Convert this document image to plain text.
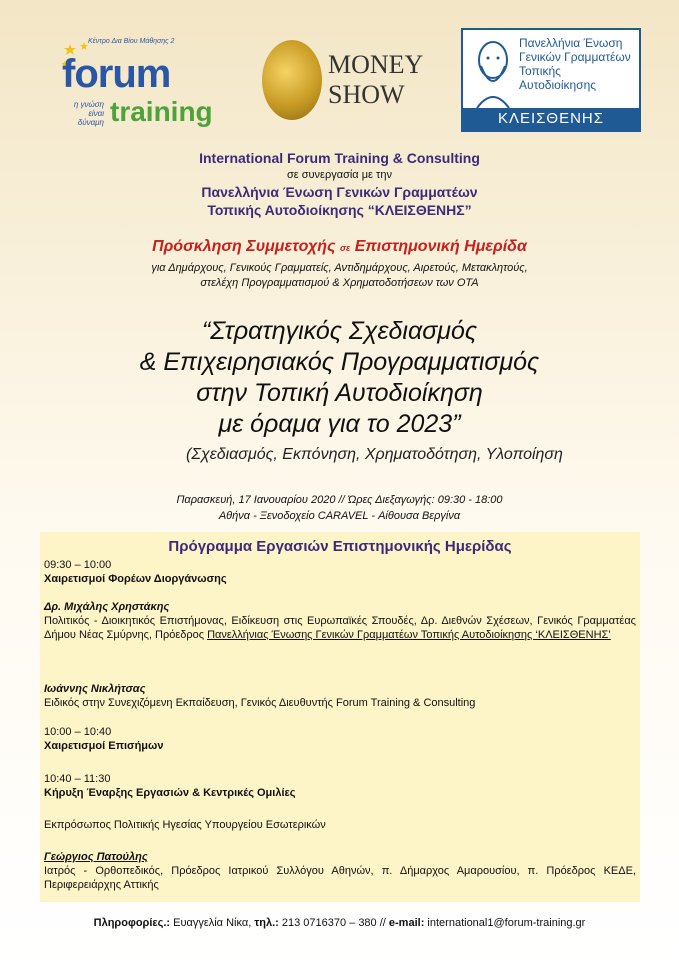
Κέντρο Δια Βίου Μάθησης 2
forum
η γνώση
είναι δύναμη training
MONEY
SHOW
Πανελλήνια Ένωση
Γενικών Γραμματέων
Τοπικής Αυτοδιοίκησης
ΚΛΕΙΣΘΕΝΗΣ
International Forum Training & Consulting
σε συνεργασία με την
Πανελλήνια Ένωση Γενικών Γραμματέων
Τοπικής Αυτοδιοίκησης “ΚΛΕΙΣΘΕΝΗΣ”
Πρόσκληση Συμμετοχής σε Επιστημονική Ημερίδα
για Δημάρχους, Γενικούς Γραμματείς, Αντιδημάρχους, Αιρετούς, Μετακλητούς,
στελέχη Προγραμματισμού & Χρηματοδοτήσεων των ΟΤΑ
“Στρατηγικός Σχεδιασμός
& Επιχειρησιακός Προγραμματισμός
στην Τοπική Αυτοδιοίκηση
με όραμα για το 2023”
(Σχεδιασμός, Εκπόνηση, Χρηματοδότηση, Υλοποίηση
Παρασκευή, 17 Ιανουαρίου 2020 // Ώρες Διεξαγωγής: 09:30 - 18:00
Αθήνα - Ξενοδοχείο CARAVEL - Αίθουσα Βεργίνα
Πρόγραμμα Εργασιών Επιστημονικής Ημερίδας
09:30 – 10:00
Χαιρετισμοί Φορέων Διοργάνωσης
Δρ. Μιχάλης Χρηστάκης
Πολιτικός - Διοικητικός Επιστήμονας, Ειδίκευση στις Ευρωπαϊκές Σπουδές, Δρ. Διεθνών Σχέσεων, Γενικός Γραμματέας Δήμου Νέας Σμύρνης, Πρόεδρος Πανελλήνιας Ένωσης Γενικών Γραμματέων Τοπικής Αυτοδιοίκησης ‘ΚΛΕΙΣΘΕΝΗΣ’
Ιωάννης Νικλήτσας
Ειδικός στην Συνεχιζόμενη Εκπαίδευση, Γενικός Διευθυντής Forum Training & Consulting
10:00 – 10:40
Χαιρετισμοί Επισήμων
10:40 – 11:30
Κήρυξη Έναρξης Εργασιών & Κεντρικές Ομιλίες
Εκπρόσωπος Πολιτικής Ηγεσίας Υπουργείου Εσωτερικών
Γεώργιος Πατούλης
Ιατρός - Ορθοπεδικός, Πρόεδρος Ιατρικού Συλλόγου Αθηνών, π. Δήμαρχος Αμαρουσίου, π. Πρόεδρος ΚΕΔΕ, Περιφερειάρχης Αττικής
Πληροφορίες.: Ευαγγελία Νίκα, τηλ.: 213 0716370 – 380 // e-mail: international1@forum-training.gr
